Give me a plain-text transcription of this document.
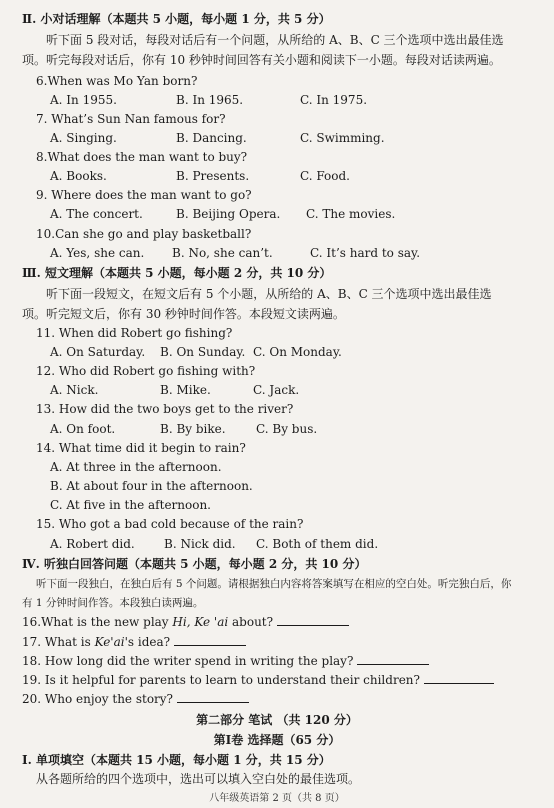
Ⅱ. 小对话理解（本题共 5 小题，每小题 1 分，共 5 分）
听下面 5 段对话，每段对话后有一个问题，从所给的 A、B、C 三个选项中选出最佳选
项。听完每段对话后，你有 10 秒钟时间回答有关小题和阅读下一小题。每段对话读两遍。
6.When was Mo Yan born?
A. In 1955.	B. In 1965.	C. In 1975.
7. What’s Sun Nan famous for?
A. Singing.	B. Dancing.	C. Swimming.
8.What does the man want to buy?
A. Books.	B. Presents.	C. Food.
9. Where does the man want to go?
A. The concert.	B. Beijing Opera. C. The movies.
10.Can she go and play basketball?
A. Yes, she can. B. No, she can’t.	C. It’s hard to say.
Ⅲ. 短文理解（本题共 5 小题，每小题 2 分，共 10 分）
听下面一段短文，在短文后有 5 个小题，从所给的 A、B、C 三个选项中选出最佳选
项。听完短文后，你有 30 秒钟时间作答。本段短文读两遍。
11. When did Robert go fishing?
A. On Saturday. B. On Sunday. C. On Monday.
12. Who did Robert go fishing with?
A. Nick.	B. Mike.	C. Jack.
13. How did the two boys get to the river?
A. On foot.	B. By bike.	C. By bus.
14. What time did it begin to rain?
A. At three in the afternoon.
B. At about four in the afternoon.
C. At five in the afternoon.
15. Who got a bad cold because of the rain?
A. Robert did. B. Nick did. C. Both of them did.
Ⅳ. 听独白回答问题（本题共 5 小题，每小题 2 分，共 10 分）
听下面一段独白，在独白后有 5 个问题。请根据独白内容将答案填写在相应的空白处。听完独白后，你
有 1 分钟时间作答。本段独白读两遍。
16.What is the new play Hi, Ke 'ai about?
17. What is Ke'ai's idea?
18. How long did the writer spend in writing the play?
19. Is it helpful for parents to learn to understand their children?
20. Who enjoy the story?
第二部分 笔试 （共 120 分）
第Ⅰ卷 选择题（65 分）
Ⅰ. 单项填空（本题共 15 小题，每小题 1 分，共 15 分）
从各题所给的四个选项中，选出可以填入空白处的最佳选项。
八年级英语第 2 页（共 8 页）
